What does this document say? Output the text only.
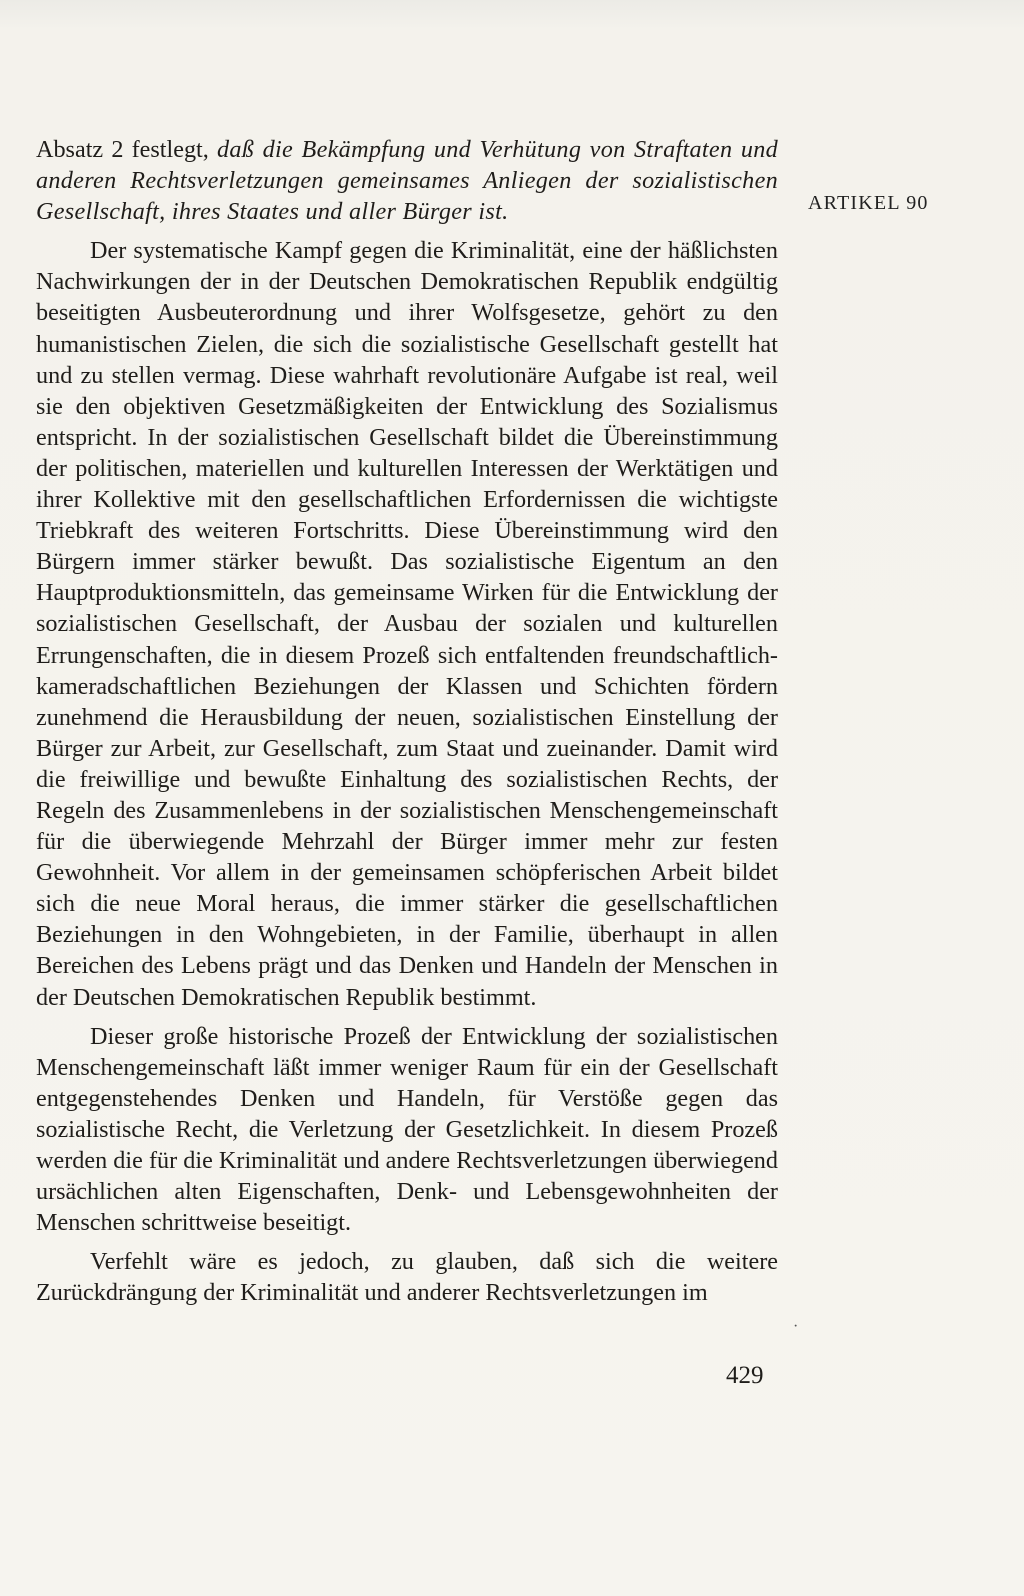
Absatz 2 festlegt, daß die Bekämpfung und Verhütung von Straftaten und anderen Rechtsverletzungen gemeinsames Anliegen der sozialistischen Gesellschaft, ihres Staates und aller Bürger ist.

Der systematische Kampf gegen die Kriminalität, eine der häßlichsten Nachwirkungen der in der Deutschen Demokratischen Republik endgültig beseitigten Ausbeuterordnung und ihrer Wolfsgesetze, gehört zu den humanistischen Zielen, die sich die sozialistische Gesellschaft gestellt hat und zu stellen vermag. Diese wahrhaft revolutionäre Aufgabe ist real, weil sie den objektiven Gesetzmäßigkeiten der Entwicklung des Sozialismus entspricht. In der sozialistischen Gesellschaft bildet die Übereinstimmung der politischen, materiellen und kulturellen Interessen der Werktätigen und ihrer Kollektive mit den gesellschaftlichen Erfordernissen die wichtigste Triebkraft des weiteren Fortschritts. Diese Übereinstimmung wird den Bürgern immer stärker bewußt. Das sozialistische Eigentum an den Hauptproduktionsmitteln, das gemeinsame Wirken für die Entwicklung der sozialistischen Gesellschaft, der Ausbau der sozialen und kulturellen Errungenschaften, die in diesem Prozeß sich entfaltenden freundschaftlich-kameradschaftlichen Beziehungen der Klassen und Schichten fördern zunehmend die Herausbildung der neuen, sozialistischen Einstellung der Bürger zur Arbeit, zur Gesellschaft, zum Staat und zueinander. Damit wird die freiwillige und bewußte Einhaltung des sozialistischen Rechts, der Regeln des Zusammenlebens in der sozialistischen Menschengemeinschaft für die überwiegende Mehrzahl der Bürger immer mehr zur festen Gewohnheit. Vor allem in der gemeinsamen schöpferischen Arbeit bildet sich die neue Moral heraus, die immer stärker die gesellschaftlichen Beziehungen in den Wohngebieten, in der Familie, überhaupt in allen Bereichen des Lebens prägt und das Denken und Handeln der Menschen in der Deutschen Demokratischen Republik bestimmt.

Dieser große historische Prozeß der Entwicklung der sozialistischen Menschengemeinschaft läßt immer weniger Raum für ein der Gesellschaft entgegenstehendes Denken und Handeln, für Verstöße gegen das sozialistische Recht, die Verletzung der Gesetzlichkeit. In diesem Prozeß werden die für die Kriminalität und andere Rechtsverletzungen überwiegend ursächlichen alten Eigenschaften, Denk- und Lebensgewohnheiten der Menschen schrittweise beseitigt.

Verfehlt wäre es jedoch, zu glauben, daß sich die weitere Zurückdrängung der Kriminalität und anderer Rechtsverletzungen im

ARTIKEL 90
·
429
